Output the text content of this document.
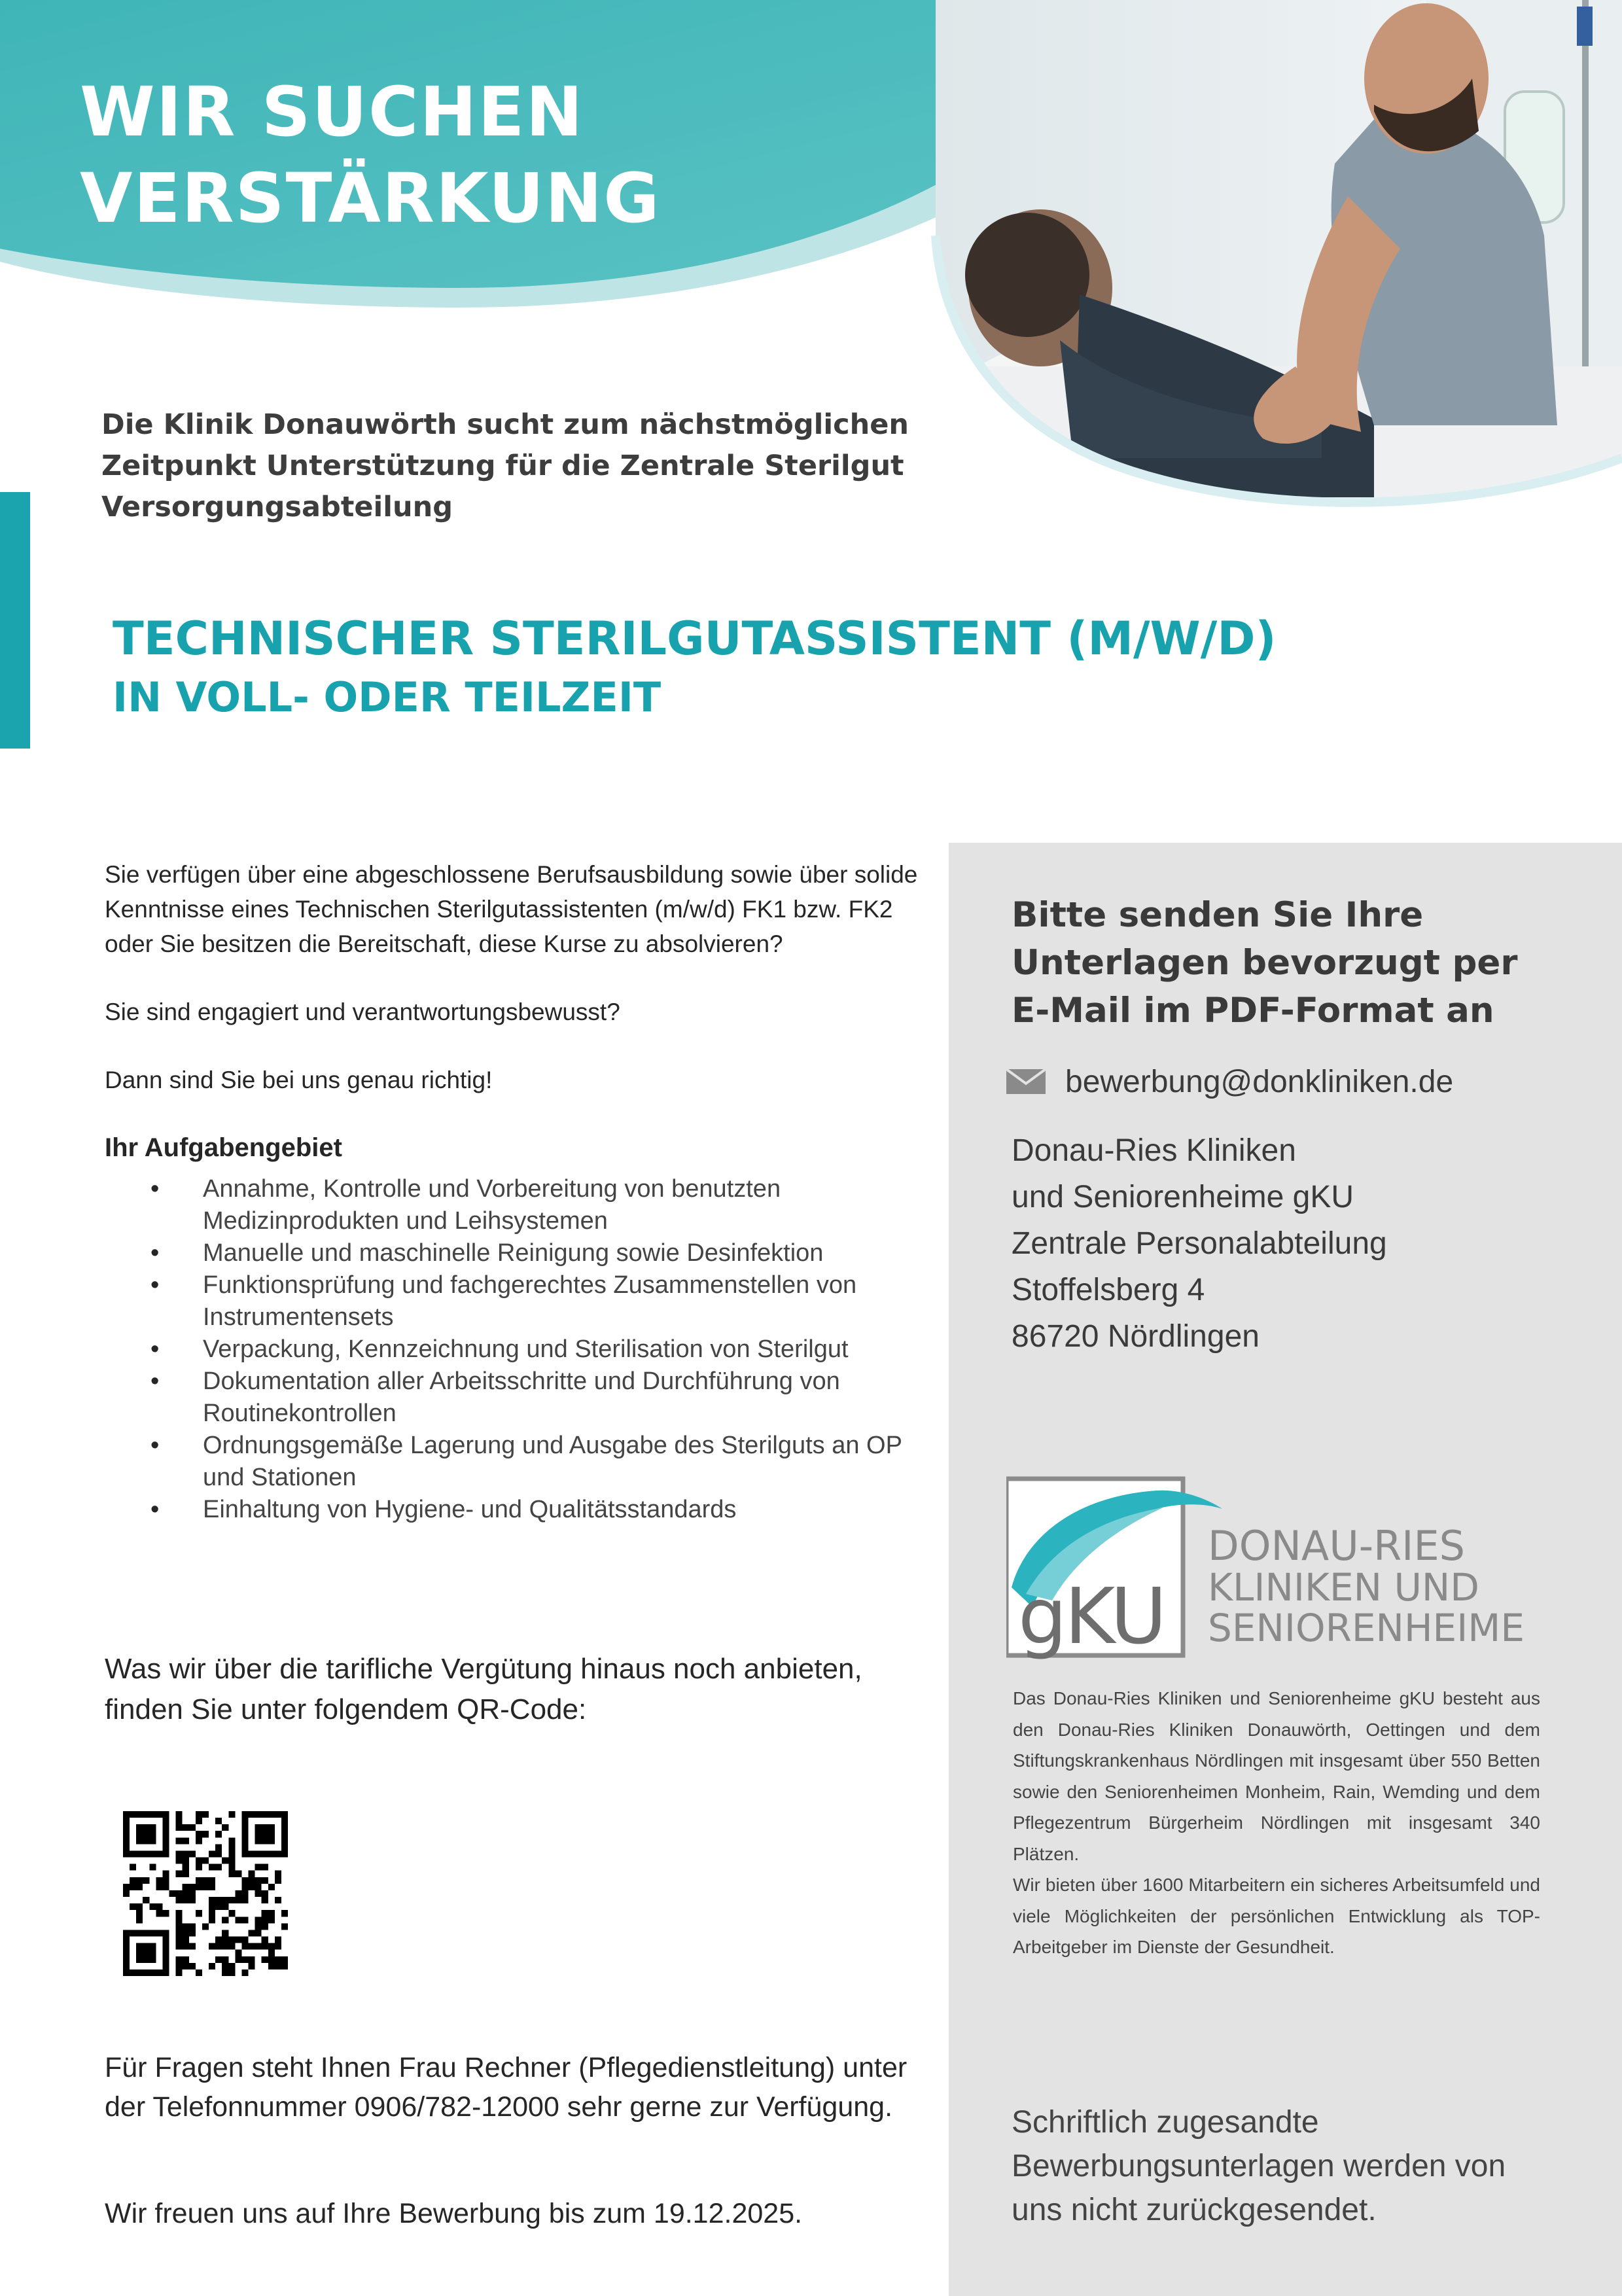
WIR SUCHEN
VERSTÄRKUNG
Die Klinik Donauwörth sucht zum nächstmöglichen
Zeitpunkt Unterstützung für die Zentrale Sterilgut
Versorgungsabteilung
TECHNISCHER STERILGUTASSISTENT (M/W/D)
IN VOLL- ODER TEILZEIT

Sie verfügen über eine abgeschlossene Berufsausbildung sowie über solide Kenntnisse eines Technischen Sterilgutassistenten (m/w/d) FK1 bzw. FK2 oder Sie besitzen die Bereitschaft, diese Kurse zu absolvieren?

Sie sind engagiert und verantwortungsbewusst?

Dann sind Sie bei uns genau richtig!

Ihr Aufgabengebiet

• Annahme, Kontrolle und Vorbereitung von benutzten Medizinprodukten und Leihsystemen
• Manuelle und maschinelle Reinigung sowie Desinfektion
• Funktionsprüfung und fachgerechtes Zusammenstellen von Instrumentensets
• Verpackung, Kennzeichnung und Sterilisation von Sterilgut
• Dokumentation aller Arbeitsschritte und Durchführung von Routinekontrollen
• Ordnungsgemäße Lagerung und Ausgabe des Sterilguts an OP und Stationen
• Einhaltung von Hygiene- und Qualitätsstandards
Was wir über die tarifliche Vergütung hinaus noch anbieten,
finden Sie unter folgendem QR-Code:
Für Fragen steht Ihnen Frau Rechner (Pflegedienstleitung) unter der Telefonnummer 0906/782-12000 sehr gerne zur Verfügung.
Wir freuen uns auf Ihre Bewerbung bis zum 19.12.2025.
Bitte senden Sie Ihre
Unterlagen bevorzugt per
E-Mail im PDF-Format an
bewerbung@donkliniken.de
Donau-Ries Kliniken
und Seniorenheime gKU
Zentrale Personalabteilung
Stoffelsberg 4
86720 Nördlingen
gKU
DONAU-RIES
KLINIKEN UND
SENIORENHEIME

Das Donau-Ries Kliniken und Seniorenheime gKU besteht aus den Donau-Ries Kliniken Donauwörth, Oettingen und dem Stiftungskrankenhaus Nördlingen mit insgesamt über 550 Betten sowie den Seniorenheimen Monheim, Rain, Wemding und dem Pflegezentrum Bürgerheim Nördlingen mit insgesamt 340 Plätzen.

Wir bieten über 1600 Mitarbeitern ein sicheres Arbeitsumfeld und viele Möglichkeiten der persönlichen Entwicklung als TOP-Arbeitgeber im Dienste der Gesundheit.

Schriftlich zugesandte
Bewerbungsunterlagen werden von
uns nicht zurückgesendet.
